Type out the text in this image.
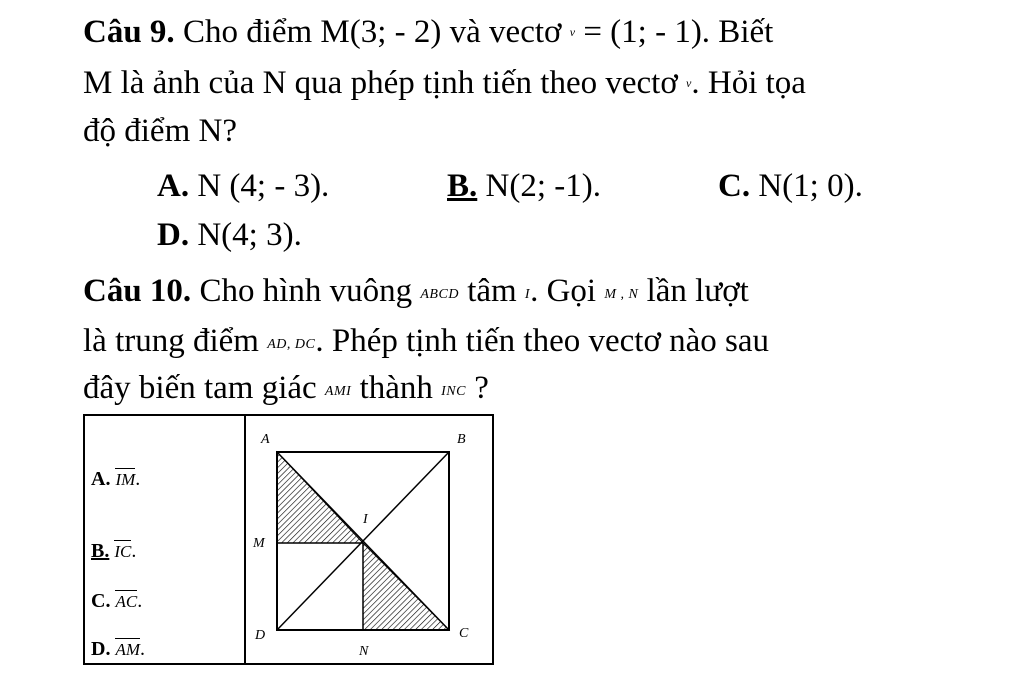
Câu 9. Cho điểm M(3; - 2) và vectơ v = (1; - 1). Biết
M là ảnh của N qua phép tịnh tiến theo vectơ v. Hỏi tọa
độ điểm N?
A. N (4; - 3).	B. N(2; -1).	C. N(1; 0).
D. N(4; 3).
Câu 10. Cho hình vuông ABCD tâm I. Gọi M , N lần lượt
là trung điểm AD, DC. Phép tịnh tiến theo vectơ nào sau
đây biến tam giác AMI thành INC ?
A. IM.
B. IC.
C. AC.
D. AM.
A	B
I
M
D	C
N
